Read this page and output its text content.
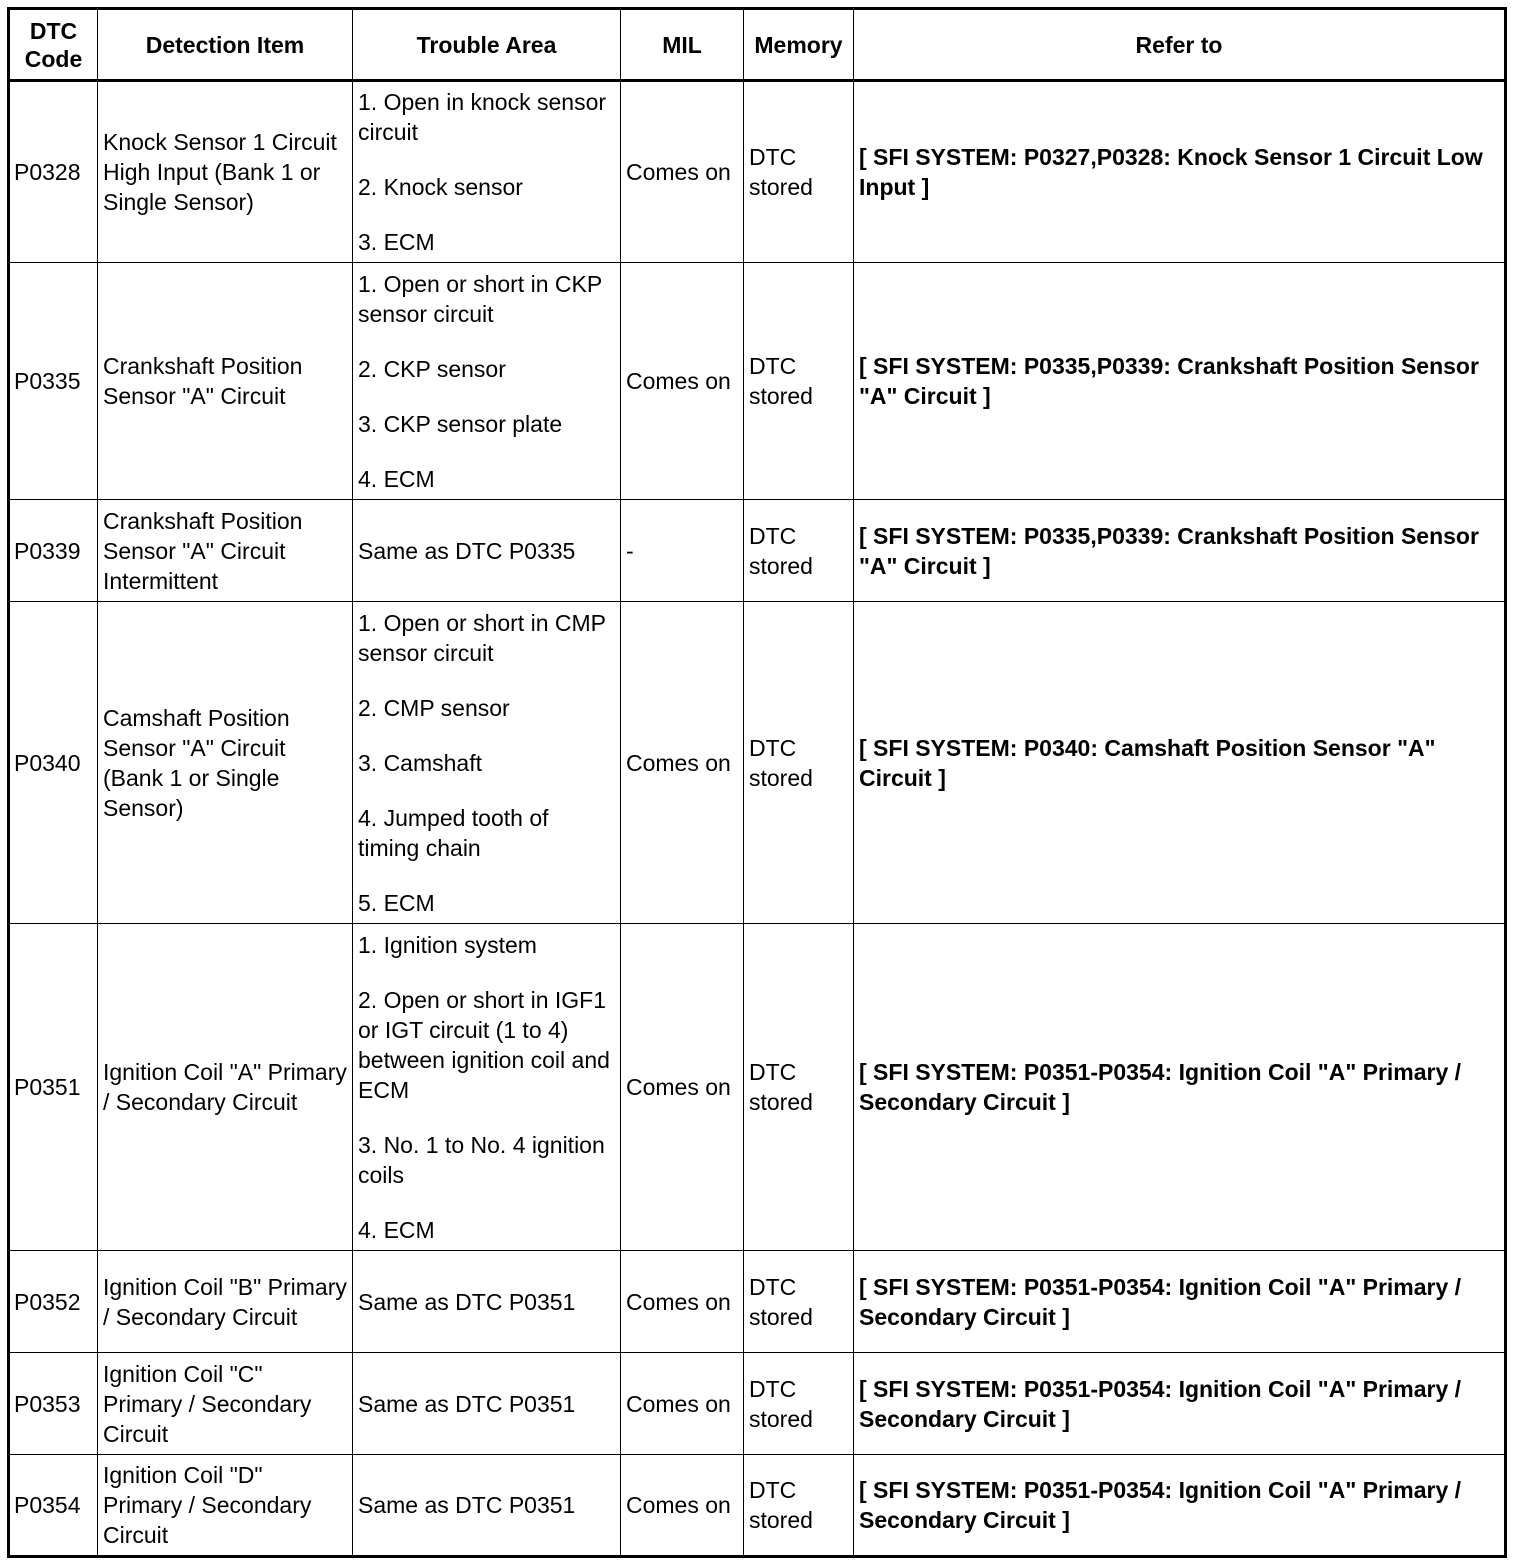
DTC Code	Detection Item	Trouble Area	MIL	Memory	Refer to
P0328	Knock Sensor 1 Circuit High Input (Bank 1 or Single Sensor)	1. Open in knock sensor circuit
2. Knock sensor
3. ECM	Comes on	DTC stored	[ SFI SYSTEM: P0327,P0328: Knock Sensor 1 Circuit Low Input ]
P0335	Crankshaft Position Sensor "A" Circuit	1. Open or short in CKP sensor circuit
2. CKP sensor
3. CKP sensor plate
4. ECM	Comes on	DTC stored	[ SFI SYSTEM: P0335,P0339: Crankshaft Position Sensor "A" Circuit ]
P0339	Crankshaft Position Sensor "A" Circuit Intermittent	Same as DTC P0335	-	DTC stored	[ SFI SYSTEM: P0335,P0339: Crankshaft Position Sensor "A" Circuit ]
P0340	Camshaft Position Sensor "A" Circuit (Bank 1 or Single Sensor)	1. Open or short in CMP sensor circuit
2. CMP sensor
3. Camshaft
4. Jumped tooth of timing chain
5. ECM	Comes on	DTC stored	[ SFI SYSTEM: P0340: Camshaft Position Sensor "A" Circuit ]
P0351	Ignition Coil "A" Primary / Secondary Circuit	1. Ignition system
2. Open or short in IGF1 or IGT circuit (1 to 4) between ignition coil and ECM
3. No. 1 to No. 4 ignition coils
4. ECM	Comes on	DTC stored	[ SFI SYSTEM: P0351-P0354: Ignition Coil "A" Primary / Secondary Circuit ]
P0352	Ignition Coil "B" Primary / Secondary Circuit	Same as DTC P0351	Comes on	DTC stored	[ SFI SYSTEM: P0351-P0354: Ignition Coil "A" Primary / Secondary Circuit ]
P0353	Ignition Coil "C" Primary / Secondary Circuit	Same as DTC P0351	Comes on	DTC stored	[ SFI SYSTEM: P0351-P0354: Ignition Coil "A" Primary / Secondary Circuit ]
P0354	Ignition Coil "D" Primary / Secondary Circuit	Same as DTC P0351	Comes on	DTC stored	[ SFI SYSTEM: P0351-P0354: Ignition Coil "A" Primary / Secondary Circuit ]
